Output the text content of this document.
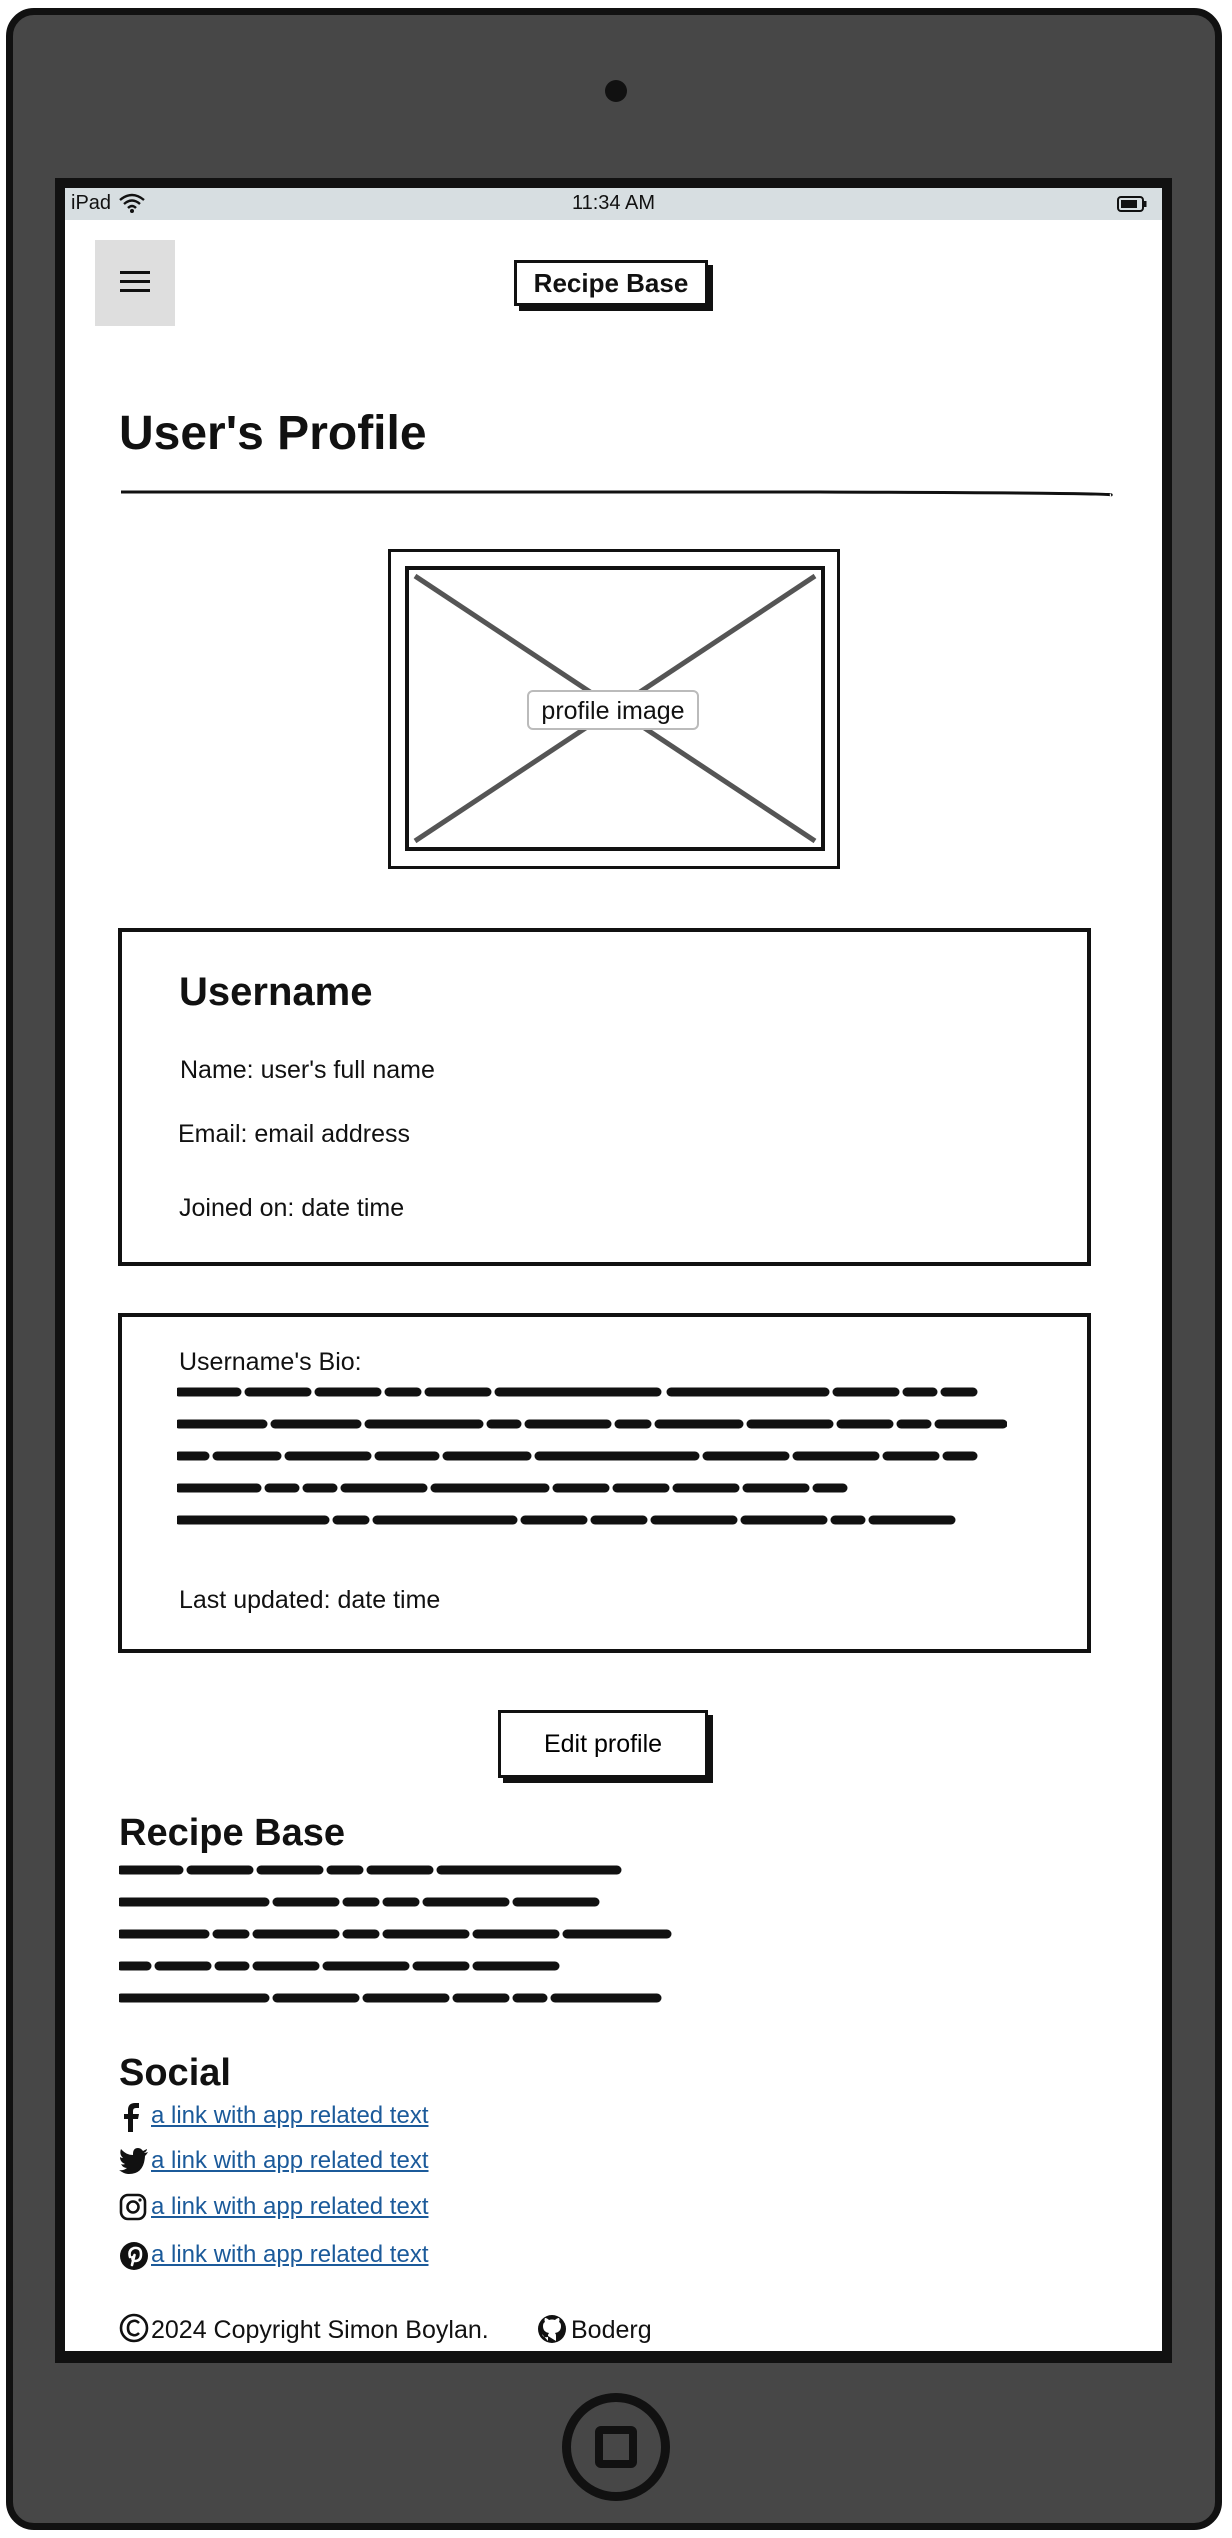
iPad	11:34 AM
Recipe Base
User's Profile
profile image
Username
Name: user's full name
Email: email address
Joined on: date time
Username's Bio:
Last updated: date time
Edit profile
Recipe Base
Social
a link with app related text
a link with app related text
a link with app related text
a link with app related text
2024 Copyright Simon Boylan.	Boderg
